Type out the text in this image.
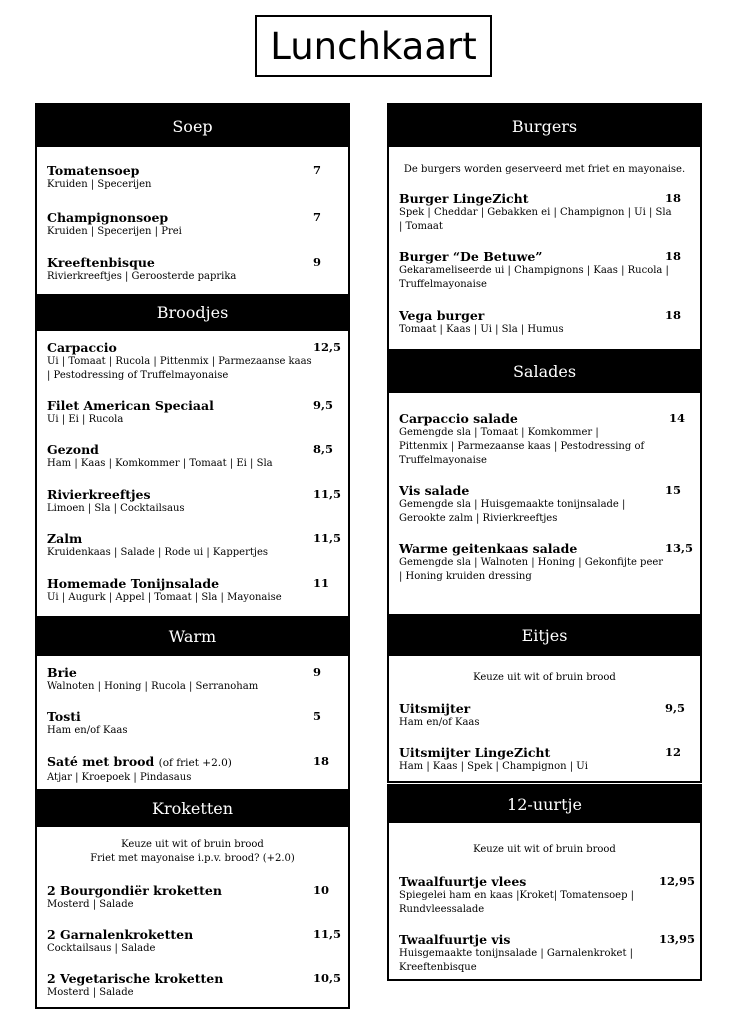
Lunchkaart
Soep
Tomatensoep	7
Kruiden | Specerijen
Champignonsoep	7
Kruiden | Specerijen | Prei
Kreeftenbisque	9
Rivierkreeftjes | Geroosterde paprika
Broodjes
Carpaccio	12,5
Ui | Tomaat | Rucola | Pittenmix | Parmezaanse kaas | Pestodressing of Truffelmayonaise
Filet American Speciaal	9,5
Ui | Ei | Rucola
Gezond	8,5
Ham | Kaas | Komkommer | Tomaat | Ei | Sla
Rivierkreeftjes	11,5
Limoen | Sla | Cocktailsaus
Zalm	11,5
Kruidenkaas | Salade | Rode ui | Kappertjes
Homemade Tonijnsalade	11
Ui | Augurk | Appel | Tomaat | Sla | Mayonaise
Warm
Brie	9
Walnoten | Honing | Rucola | Serranoham
Tosti	5
Ham en/of Kaas
Saté met brood (of friet +2.0)	18
Atjar | Kroepoek | Pindasaus
Kroketten
Keuze uit wit of bruin brood
Friet met mayonaise i.p.v. brood? (+2.0)
2 Bourgondiër kroketten	10
Mosterd | Salade
2 Garnalenkroketten	11,5
Cocktailsaus | Salade
2 Vegetarische kroketten	10,5
Mosterd | Salade
Burgers
De burgers worden geserveerd met friet en mayonaise.
Burger LingeZicht	18
Spek | Cheddar | Gebakken ei | Champignon | Ui | Sla | Tomaat
Burger “De Betuwe”	18
Gekarameliseerde ui | Champignons | Kaas | Rucola | Truffelmayonaise
Vega burger	18
Tomaat | Kaas | Ui | Sla | Humus
Salades
Carpaccio salade	14
Gemengde sla | Tomaat | Komkommer | Pittenmix | Parmezaanse kaas | Pestodressing of Truffelmayonaise
Vis salade	15
Gemengde sla | Huisgemaakte tonijnsalade | Gerookte zalm | Rivierkreeftjes
Warme geitenkaas salade	13,5
Gemengde sla | Walnoten | Honing | Gekonfijte peer | Honing kruiden dressing
Eitjes
Keuze uit wit of bruin brood
Uitsmijter	9,5
Ham en/of Kaas
Uitsmijter LingeZicht	12
Ham | Kaas | Spek | Champignon | Ui
12-uurtje
Keuze uit wit of bruin brood
Twaalfuurtje vlees	12,95
Spiegelei ham en kaas |Kroket| Tomatensoep | Rundvleessalade
Twaalfuurtje vis	13,95
Huisgemaakte tonijnsalade | Garnalenkroket | Kreeftenbisque
